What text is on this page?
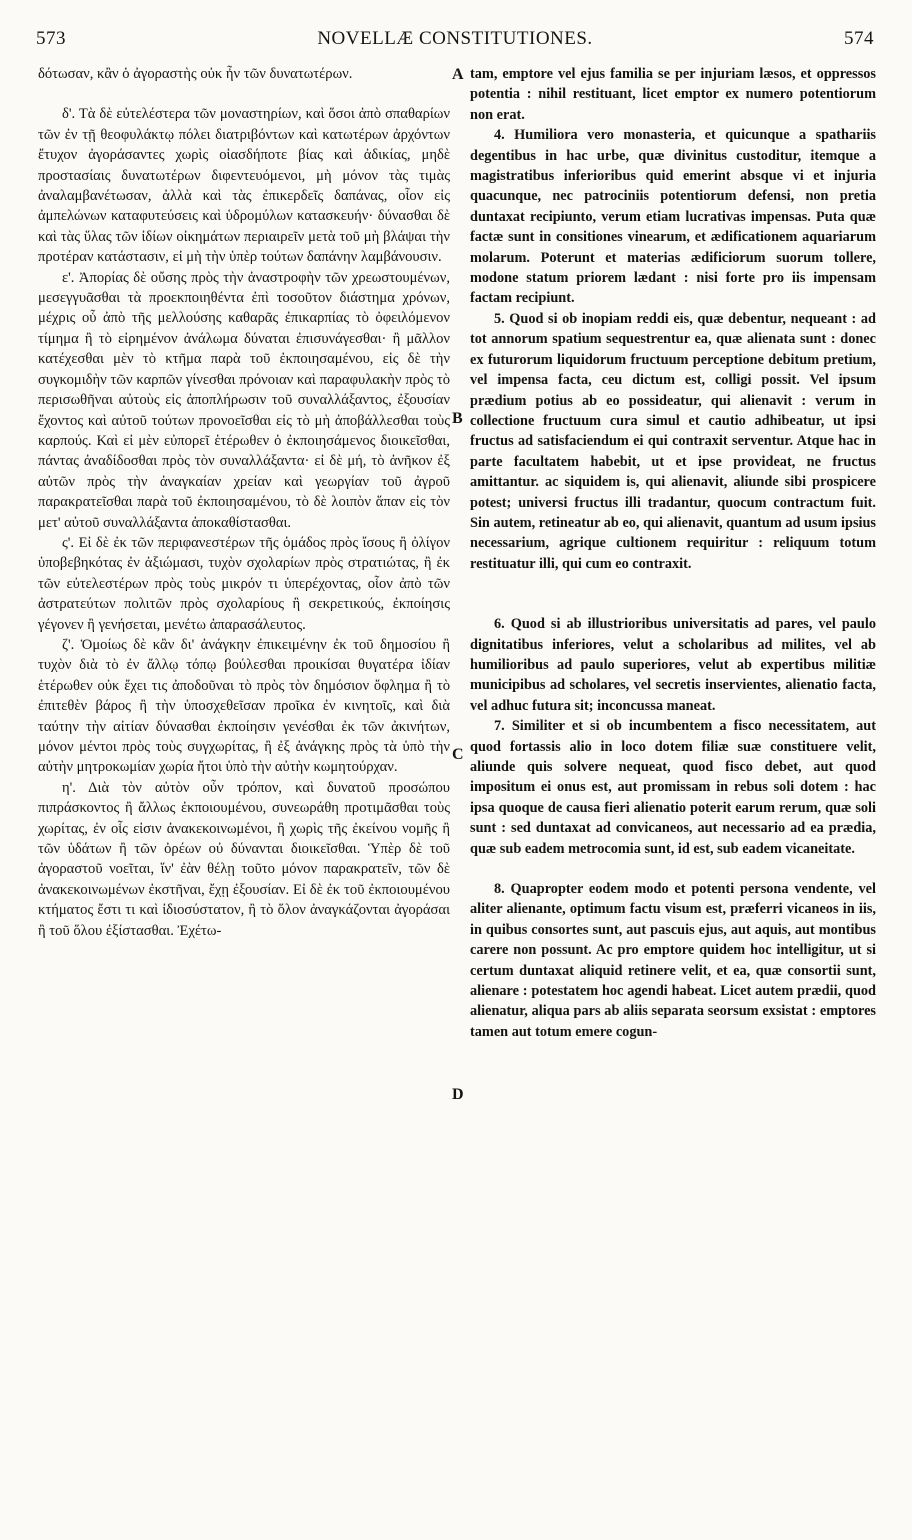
573	NOVELLÆ CONSTITUTIONES.	574
A
B
C
D

δότωσαν, κἂν ὁ ἀγοραστὴς οὐκ ἦν τῶν δυνατωτέρων.

δ'. Τὰ δὲ εὐτελέστερα τῶν μοναστηρίων, καὶ ὅσοι ἀπὸ σπαθαρίων τῶν ἐν τῇ θεοφυλάκτῳ πόλει διατριβόντων καὶ κατωτέρων ἀρχόντων ἔτυχον ἀγοράσαντες χωρὶς οἱασδήποτε βίας καὶ ἀδικίας, μηδὲ προστασίαις δυνατωτέρων διφεντευόμενοι, μὴ μόνον τὰς τιμὰς ἀναλαμβανέτωσαν, ἀλλὰ καὶ τὰς ἐπικερδεῖς δαπάνας, οἷον εἰς ἀμπελώνων καταφυτεύσεις καὶ ὑδρομύλων κατασκευήν· δύνασθαι δὲ καὶ τὰς ὕλας τῶν ἰδίων οἰκημάτων περιαιρεῖν μετὰ τοῦ μὴ βλάψαι τὴν προτέραν κατάστασιν, εἰ μὴ τὴν ὑπὲρ τούτων δαπάνην λαμβάνουσιν.

ε'. Ἀπορίας δὲ οὔσης πρὸς τὴν ἀναστροφὴν τῶν χρεωστουμένων, μεσεγγυᾶσθαι τὰ προεκποιηθέντα ἐπὶ τοσοῦτον διάστημα χρόνων, μέχρις οὗ ἀπὸ τῆς μελλούσης καθαρᾶς ἐπικαρπίας τὸ ὀφειλόμενον τίμημα ἢ τὸ εἰρημένον ἀνάλωμα δύναται ἐπισυνάγεσθαι· ἢ μᾶλλον κατέχεσθαι μὲν τὸ κτῆμα παρὰ τοῦ ἐκποιησαμένου, εἰς δὲ τὴν συγκομιδὴν τῶν καρπῶν γίνεσθαι πρόνοιαν καὶ παραφυλακὴν πρὸς τὸ περισωθῆναι αὐτοὺς εἰς ἀποπλήρωσιν τοῦ συναλλάξαντος, ἐξουσίαν ἔχοντος καὶ αὐτοῦ τούτων προνοεῖσθαι εἰς τὸ μὴ ἀποβάλλεσθαι τοὺς καρπούς. Καὶ εἰ μὲν εὐπορεῖ ἑτέρωθεν ὁ ἐκποιησάμενος διοικεῖσθαι, πάντας ἀναδίδοσθαι πρὸς τὸν συναλλάξαντα· εἰ δὲ μή, τὸ ἀνῆκον ἐξ αὐτῶν πρὸς τὴν ἀναγκαίαν χρείαν καὶ γεωργίαν τοῦ ἀγροῦ παρακρατεῖσθαι παρὰ τοῦ ἐκποιησαμένου, τὸ δὲ λοιπὸν ἅπαν εἰς τὸν μετ' αὐτοῦ συναλλάξαντα ἀποκαθίστασθαι.

ς'. Εἰ δὲ ἐκ τῶν περιφανεστέρων τῆς ὁμάδος πρὸς ἴσους ἢ ὀλίγον ὑποβεβηκότας ἐν ἀξιώμασι, τυχὸν σχολαρίων πρὸς στρατιώτας, ἢ ἐκ τῶν εὐτελεστέρων πρὸς τοὺς μικρόν τι ὑπερέχοντας, οἷον ἀπὸ τῶν ἀστρατεύτων πολιτῶν πρὸς σχολαρίους ἢ σεκρετικούς, ἐκποίησις γέγονεν ἢ γενήσεται, μενέτω ἀπαρασάλευτος.

ζ'. Ὁμοίως δὲ κἂν δι' ἀνάγκην ἐπικειμένην ἐκ τοῦ δημοσίου ἢ τυχὸν διὰ τὸ ἐν ἄλλῳ τόπῳ βούλεσθαι προικίσαι θυγατέρα ἰδίαν ἑτέρωθεν οὐκ ἔχει τις ἀποδοῦναι τὸ πρὸς τὸν δημόσιον ὄφλημα ἢ τὸ ἐπιτεθὲν βάρος ἢ τὴν ὑποσχεθεῖσαν προῖκα ἐν κινητοῖς, καὶ διὰ ταύτην τὴν αἰτίαν δύνασθαι ἐκποίησιν γενέσθαι ἐκ τῶν ἀκινήτων, μόνον μέντοι πρὸς τοὺς συγχωρίτας, ἢ ἐξ ἀνάγκης πρὸς τὰ ὑπὸ τὴν αὐτὴν μητροκωμίαν χωρία ἤτοι ὑπὸ τὴν αὐτὴν κωμητούρχαν.

η'. Διὰ τὸν αὐτὸν οὖν τρόπον, καὶ δυνατοῦ προσώπου πιπράσκοντος ἢ ἄλλως ἐκποιουμένου, συνεωράθη προτιμᾶσθαι τοὺς χωρίτας, ἐν οἷς εἰσιν ἀνακεκοινωμένοι, ἢ χωρὶς τῆς ἐκείνου νομῆς ἢ τῶν ὑδάτων ἢ τῶν ὀρέων οὐ δύνανται διοικεῖσθαι. Ὑπὲρ δὲ τοῦ ἀγοραστοῦ νοεῖται, ἵν' ἐὰν θέλῃ τοῦτο μόνον παρακρατεῖν, τῶν δὲ ἀνακεκοινωμένων ἐκστῆναι, ἔχῃ ἐξουσίαν. Εἰ δὲ ἐκ τοῦ ἐκποιουμένου κτήματος ἔστι τι καὶ ἰδιοσύστατον, ἢ τὸ ὅλον ἀναγκάζονται ἀγοράσαι ἢ τοῦ ὅλου ἐξίστασθαι. Ἐχέτω-

tam, emptore vel ejus familia se per injuriam læsos, et oppressos potentia : nihil restituant, licet emptor ex numero potentiorum non erat.

4. Humiliora vero monasteria, et quicunque a spathariis degentibus in hac urbe, quæ divinitus custoditur, itemque a magistratibus inferioribus quid emerint absque vi et injuria quacunque, nec patrociniis potentiorum defensi, non pretia duntaxat recipiunto, verum etiam lucrativas impensas. Puta quæ factæ sunt in consitiones vinearum, et ædificationem aquariarum molarum. Poterunt et materias ædificiorum suorum tollere, modone statum priorem lædant : nisi forte pro iis impensam factam recipiunt.

5. Quod si ob inopiam reddi eis, quæ debentur, nequeant : ad tot annorum spatium sequestrentur ea, quæ alienata sunt : donec ex futurorum liquidorum fructuum perceptione debitum pretium, vel impensa facta, ceu dictum est, colligi possit. Vel ipsum prædium potius ab eo possideatur, qui alienavit : verum in collectione fructuum cura simul et cautio adhibeatur, ut ipsi fructus ad satisfaciendum ei qui contraxit serventur. Atque hac in parte facultatem habebit, ut et ipse provideat, ne fructus amittantur. ac siquidem is, qui alienavit, aliunde sibi prospicere potest; universi fructus illi tradantur, quocum contractum fuit. Sin autem, retineatur ab eo, qui alienavit, quantum ad usum ipsius necessarium, agrique cultionem requiritur : reliquum totum restituatur illi, qui cum eo contraxit.

6. Quod si ab illustrioribus universitatis ad pares, vel paulo dignitatibus inferiores, velut a scholaribus ad milites, vel ab humilioribus ad paulo superiores, velut ab expertibus militiæ municipibus ad scholares, vel secretis inservientes, alienatio facta, vel adhuc futura sit; inconcussa maneat.

7. Similiter et si ob incumbentem a fisco necessitatem, aut quod fortassis alio in loco dotem filiæ suæ constituere velit, aliunde quis solvere nequeat, quod fisco debet, aut quod impositum ei onus est, aut promissam in rebus soli dotem : hac ipsa quoque de causa fieri alienatio poterit earum rerum, quæ soli sunt : sed duntaxat ad convicaneos, aut necessario ad ea prædia, quæ sub eadem metrocomia sunt, id est, sub eadem vicaneitate.

8. Quapropter eodem modo et potenti persona vendente, vel aliter alienante, optimum factu visum est, præferri vicaneos in iis, in quibus consortes sunt, aut pascuis ejus, aut aquis, aut montibus carere non possunt. Ac pro emptore quidem hoc intelligitur, ut si certum duntaxat aliquid retinere velit, et ea, quæ consortii sunt, alienare : potestatem hoc agendi habeat. Licet autem prædii, quod alienatur, aliqua pars ab aliis separata seorsum exsistat : emptores tamen aut totum emere cogun-
